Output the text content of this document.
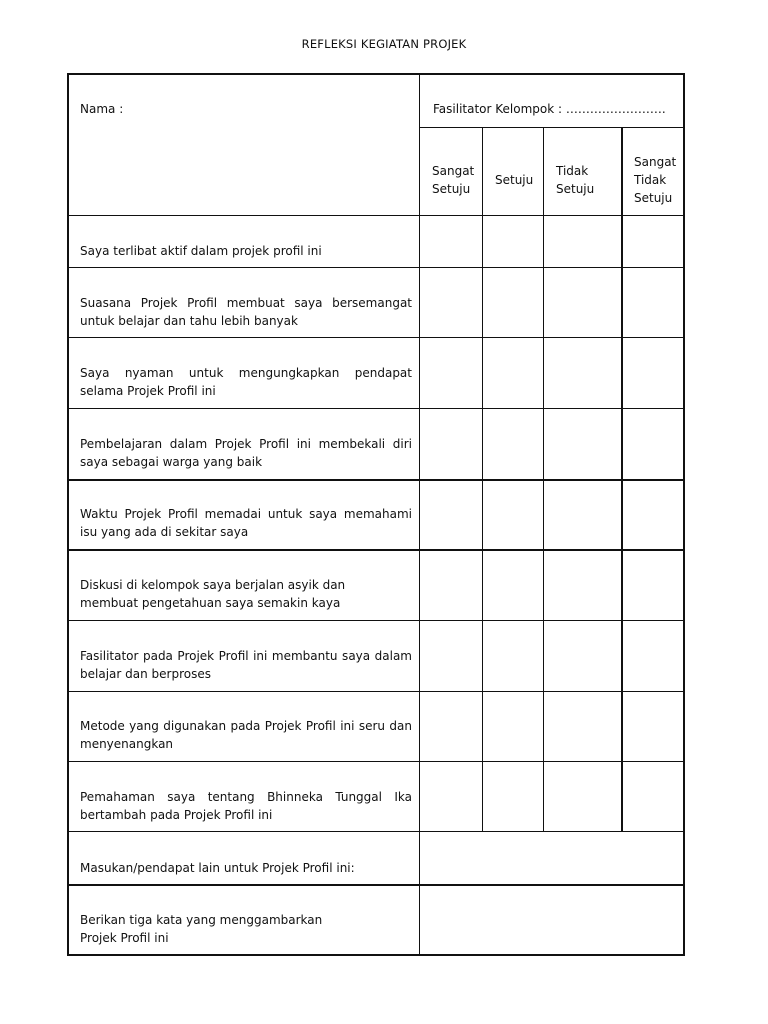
REFLEKSI KEGIATAN PROJEK
Nama :	Fasilitator Kelompok : …………………….
Sangat Setuju
Setuju
Tidak Setuju
Sangat Tidak Setuju
Saya terlibat aktif dalam projek profil ini
Suasana Projek Profil membuat saya bersemangat untuk belajar dan tahu lebih banyak
Saya nyaman untuk mengungkapkan pendapat selama Projek Profil ini
Pembelajaran dalam Projek Profil ini membekali diri saya sebagai warga yang baik
Waktu Projek Profil memadai untuk saya memahami isu yang ada di sekitar saya
Diskusi di kelompok saya berjalan asyik dan membuat pengetahuan saya semakin kaya
Fasilitator pada Projek Profil ini membantu saya dalam belajar dan berproses
Metode yang digunakan pada Projek Profil ini seru dan menyenangkan
Pemahaman saya tentang Bhinneka Tunggal Ika bertambah pada Projek Profil ini
Masukan/pendapat lain untuk Projek Profil ini:
Berikan tiga kata yang menggambarkan Projek Profil ini
